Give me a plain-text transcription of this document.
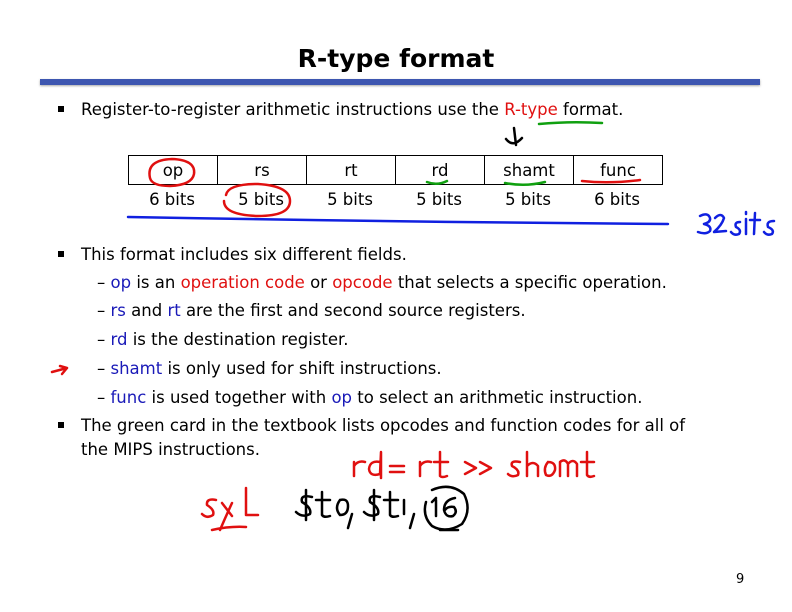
R-type format
Register-to-register arithmetic instructions use the R-type format.
op	rs	rt	rd	shamt	func
6 bits	5 bits	5 bits	5 bits	5 bits	6 bits
This format includes six different fields.
– op is an operation code or opcode that selects a specific operation.
– rs and rt are the first and second source registers.
– rd is the destination register.
– shamt is only used for shift instructions.
– func is used together with op to select an arithmetic instruction.
The green card in the textbook lists opcodes and function codes for all of
the MIPS instructions.
9
